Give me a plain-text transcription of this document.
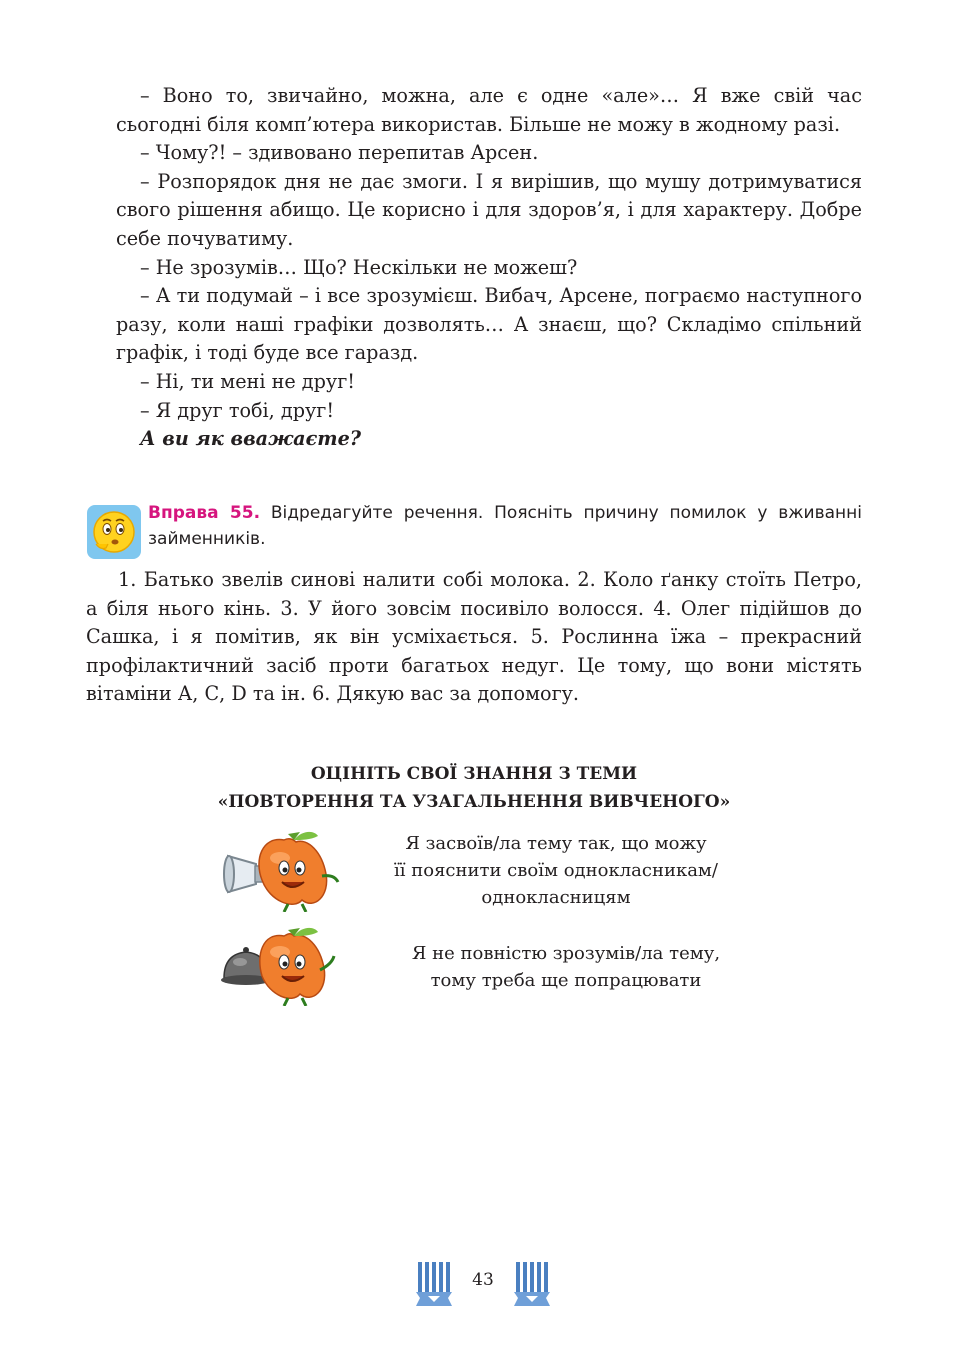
– Воно то, звичайно, можна, але є одне «але»… Я вже свій час сьогодні біля комп’ютера використав. Більше не можу в жодному разі.

– Чому?! – здивовано перепитав Арсен.

– Розпорядок дня не дає змоги. І я вирішив, що мушу дотримуватися свого рішення абищо. Це корисно і для здоров’я, і для характеру. Добре себе почуватиму.

– Не зрозумів… Що? Нескільки не можеш?

– А ти подумай – і все зрозумієш. Вибач, Арсене, пограємо наступного разу, коли наші графіки дозволять… А знаєш, що? Складімо спільний графік, і тоді буде все гаразд.

– Ні, ти мені не друг!

– Я друг тобі, друг!

А ви як вважаєте?

Вправа 55. Відредагуйте речення. Поясніть причину помилок у вживанні займенників.

1. Батько звелів синові налити собі молока. 2. Коло ґанку стоїть Петро, а біля нього кінь. 3. У його зовсім посивіло волосся. 4. Олег підійшов до Сашка, і я помітив, як він усміхається. 5. Рослинна їжа – прекрасний профілактичний засіб проти багатьох недуг. Це тому, що вони містять вітаміни А, С, D та ін. 6. Дякую вас за допомогу.

ОЦІНІТЬ СВОЇ ЗНАННЯ З ТЕМИ
«ПОВТОРЕННЯ ТА УЗАГАЛЬНЕННЯ ВИВЧЕНОГО»
Я засвоїв/ла тему так, що можу
її пояснити своїм однокласникам/
однокласницям
Я не повністю зрозумів/ла тему,
тому треба ще попрацювати
43
